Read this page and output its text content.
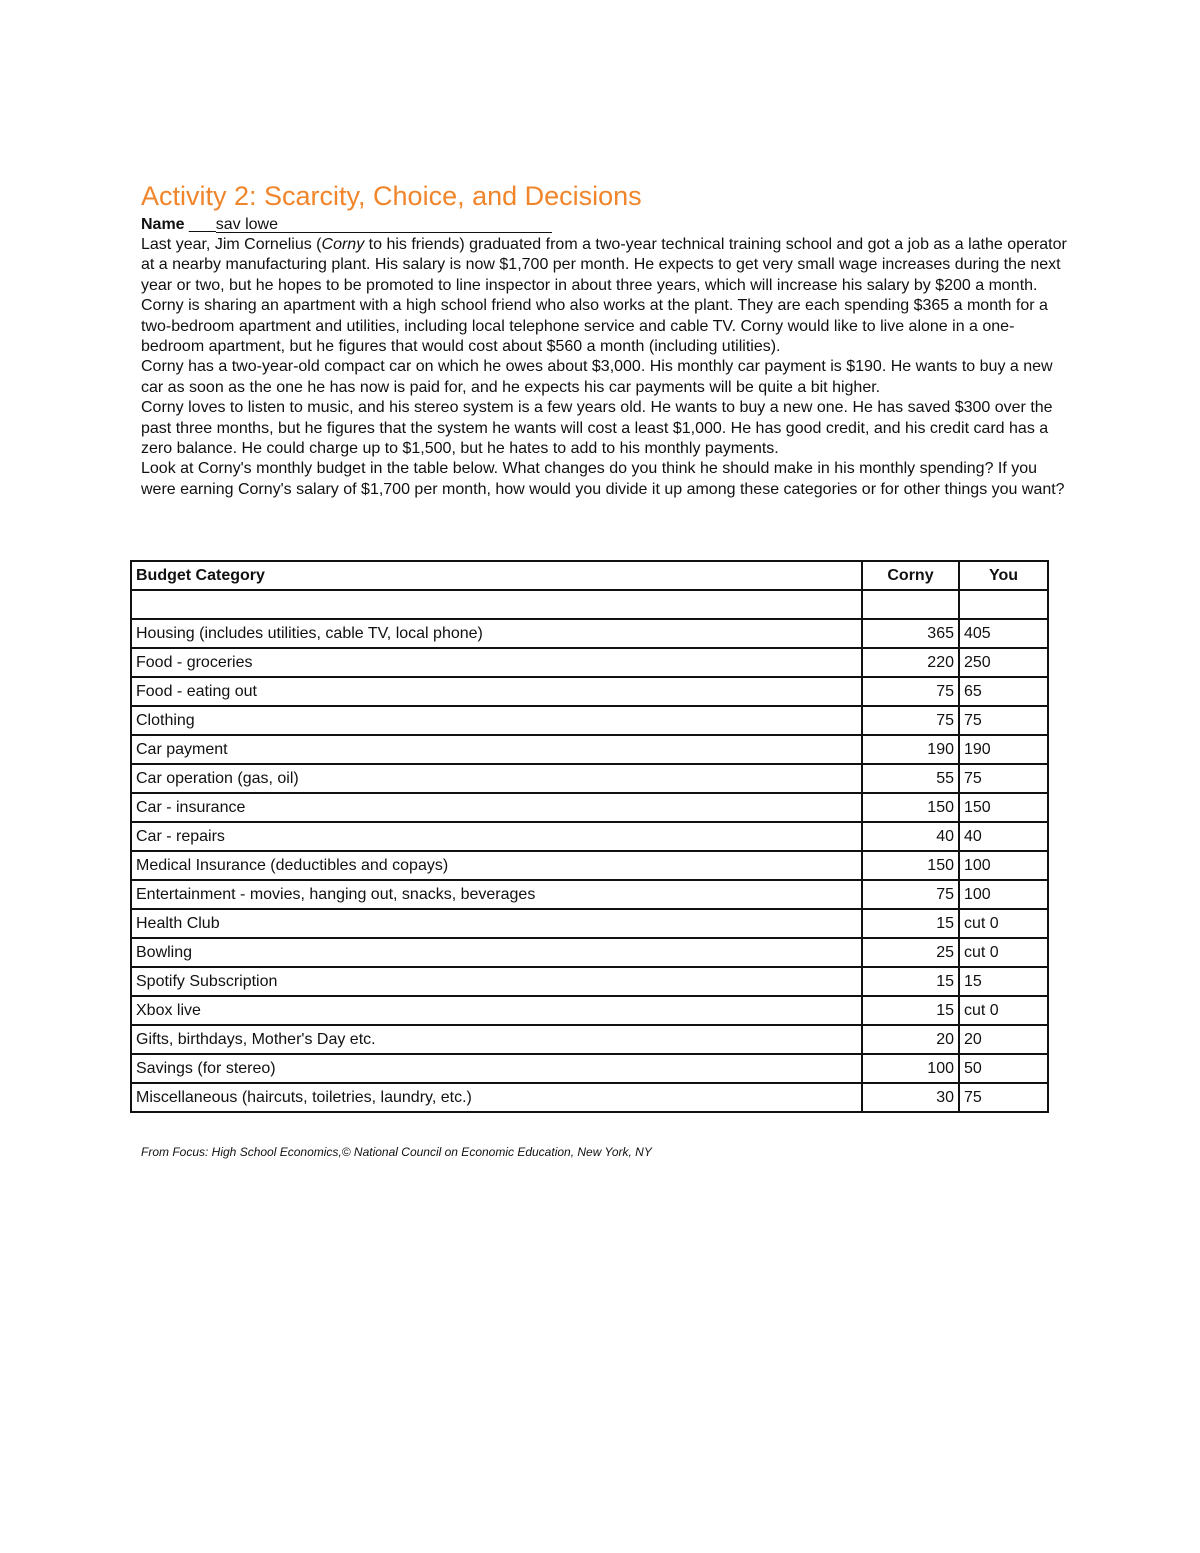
Activity 2: Scarcity, Choice, and Decisions
Name ___sav lowe

Last year, Jim Cornelius (Corny to his friends) graduated from a two-year technical training school and got a job as a lathe operator at a nearby manufacturing plant. His salary is now $1,700 per month. He expects to get very small wage increases during the next year or two, but he hopes to be promoted to line inspector in about three years, which will increase his salary by $200 a month.

Corny is sharing an apartment with a high school friend who also works at the plant. They are each spending $365 a month for a two-bedroom apartment and utilities, including local telephone service and cable TV. Corny would like to live alone in a one-bedroom apartment, but he figures that would cost about $560 a month (including utilities).

Corny has a two-year-old compact car on which he owes about $3,000. His monthly car payment is $190. He wants to buy a new car as soon as the one he has now is paid for, and he expects his car payments will be quite a bit higher.

Corny loves to listen to music, and his stereo system is a few years old. He wants to buy a new one. He has saved $300 over the past three months, but he figures that the system he wants will cost a least $1,000. He has good credit, and his credit card has a zero balance. He could charge up to $1,500, but he hates to add to his monthly payments.

Look at Corny's monthly budget in the table below. What changes do you think he should make in his monthly spending? If you were earning Corny's salary of $1,700 per month, how would you divide it up among these categories or for other things you want?

Budget Category	Corny	You

Housing (includes utilities, cable TV, local phone)	365	405
Food - groceries	220	250
Food - eating out	75	65
Clothing	75	75
Car payment	190	190
Car operation (gas, oil)	55	75
Car - insurance	150	150
Car - repairs	40	40
Medical Insurance (deductibles and copays)	150	100
Entertainment - movies, hanging out, snacks, beverages	75	100
Health Club	15	cut 0
Bowling	25	cut 0
Spotify Subscription	15	15
Xbox live	15	cut 0
Gifts, birthdays, Mother's Day etc.	20	20
Savings (for stereo)	100	50
Miscellaneous (haircuts, toiletries, laundry, etc.)	30	75
From Focus: High School Economics,© National Council on Economic Education, New York, NY
